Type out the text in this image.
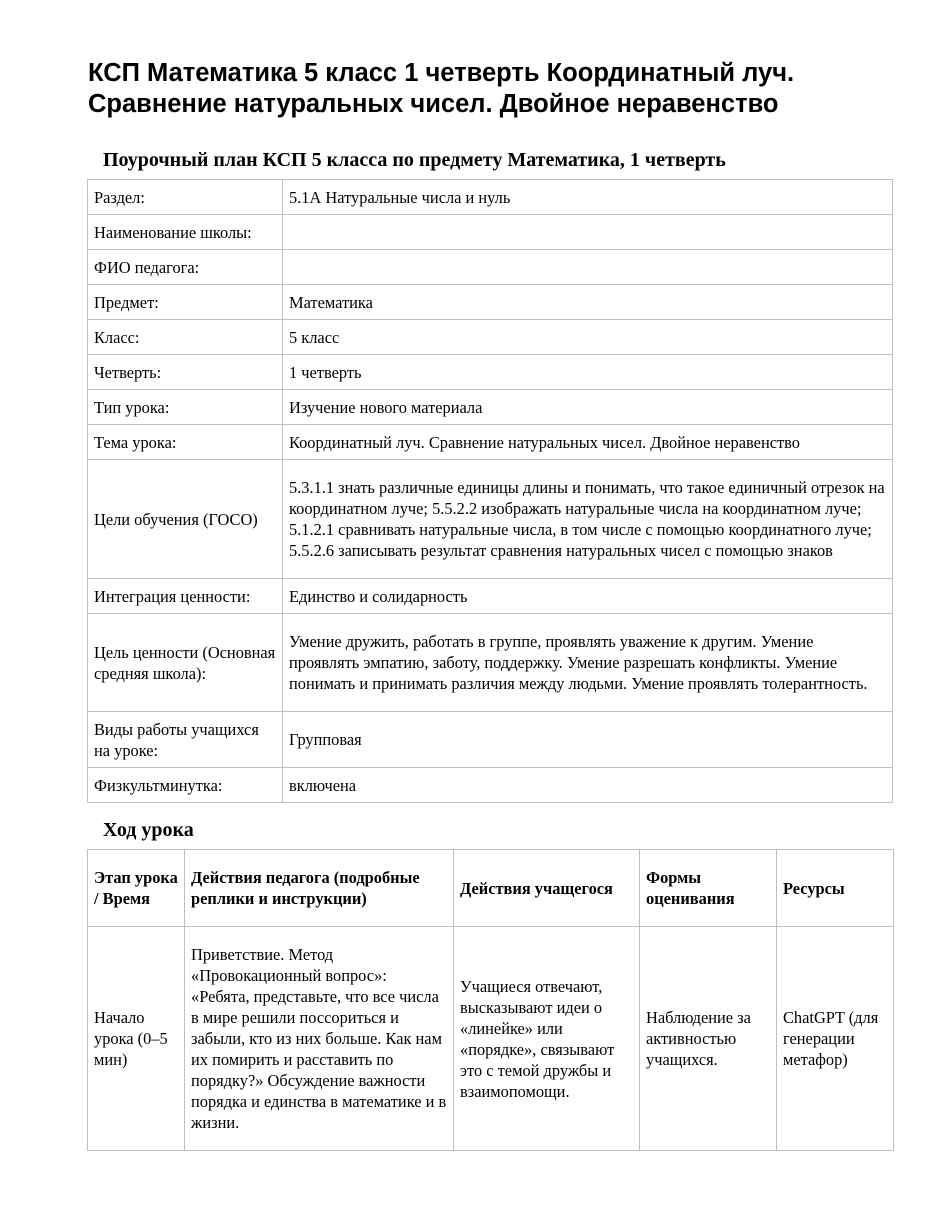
КСП Математика 5 класс 1 четверть Координатный луч. Сравнение натуральных чисел. Двойное неравенство
Поурочный план КСП 5 класса по предмету Математика, 1 четверть
Раздел:	5.1А Натуральные числа и нуль
Наименование школы:	
ФИО педагога:	
Предмет:	Математика
Класс:	5 класс
Четверть:	1 четверть
Тип урока:	Изучение нового материала
Тема урока:	Координатный луч. Сравнение натуральных чисел. Двойное неравенство
Цели обучения (ГОСО)	5.3.1.1 знать различные единицы длины и понимать, что такое единичный отрезок на координатном луче; 5.5.2.2 изображать натуральные числа на координатном луче; 5.1.2.1 сравнивать натуральные числа, в том числе с помощью координатного луче; 5.5.2.6 записывать результат сравнения натуральных чисел с помощью знаков
Интеграция ценности:	Единство и солидарность
Цель ценности (Основная средняя школа):	Умение дружить, работать в группе, проявлять уважение к другим. Умение проявлять эмпатию, заботу, поддержку. Умение разрешать конфликты. Умение понимать и принимать различия между людьми. Умение проявлять толерантность.
Виды работы учащихся на уроке:	Групповая
Физкультминутка:	включена
Ход урока
Этап урока / Время	Действия педагога (подробные реплики и инструкции)	Действия учащегося	Формы оценивания	Ресурсы
Начало урока (0–5 мин)	Приветствие. Метод «Провокационный вопрос»: «Ребята, представьте, что все числа в мире решили поссориться и забыли, кто из них больше. Как нам их помирить и расставить по порядку?» Обсуждение важности порядка и единства в математике и в жизни.	Учащиеся отвечают, высказывают идеи о «линейке» или «порядке», связывают это с темой дружбы и взаимопомощи.	Наблюдение за активностью учащихся.	ChatGPT (для генерации метафор)
